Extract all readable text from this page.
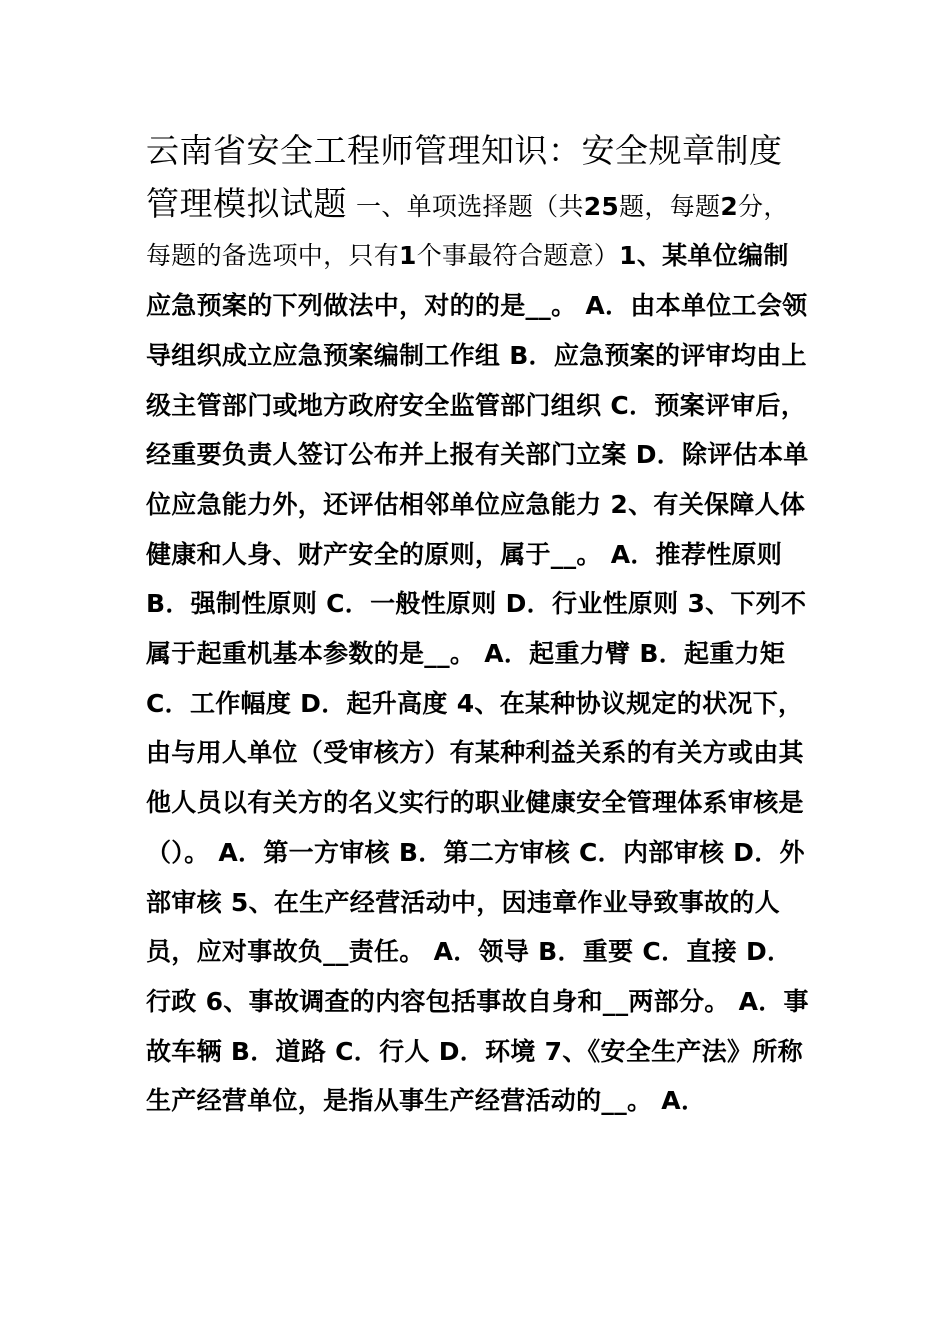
云南省安全工程师管理知识：安全规章制度管理模拟试题 一、单项选择题（共25题，每题2分，每题的备选项中，只有1个事最符合题意）1、某单位编制应急预案的下列做法中，对的的是__。 A．由本单位工会领导组织成立应急预案编制工作组 B．应急预案的评审均由上级主管部门或地方政府安全监管部门组织 C．预案评审后，经重要负责人签订公布并上报有关部门立案 D．除评估本单位应急能力外，还评估相邻单位应急能力 2、有关保障人体健康和人身、财产安全的原则，属于__。 A．推荐性原则 B．强制性原则 C．一般性原则 D．行业性原则 3、下列不属于起重机基本参数的是__。 A．起重力臂 B．起重力矩 C．工作幅度 D．起升高度 4、在某种协议规定的状况下，由与用人单位（受审核方）有某种利益关系的有关方或由其他人员以有关方的名义实行的职业健康安全管理体系审核是（）。 A．第一方审核 B．第二方审核 C．内部审核 D．外部审核 5、在生产经营活动中，因违章作业导致事故的人员，应对事故负__责任。 A．领导 B．重要 C．直接 D．行政 6、事故调查的内容包括事故自身和__两部分。 A．事故车辆 B．道路 C．行人 D．环境 7、《安全生产法》所称生产经营单位，是指从事生产经营活动的__。 A．
